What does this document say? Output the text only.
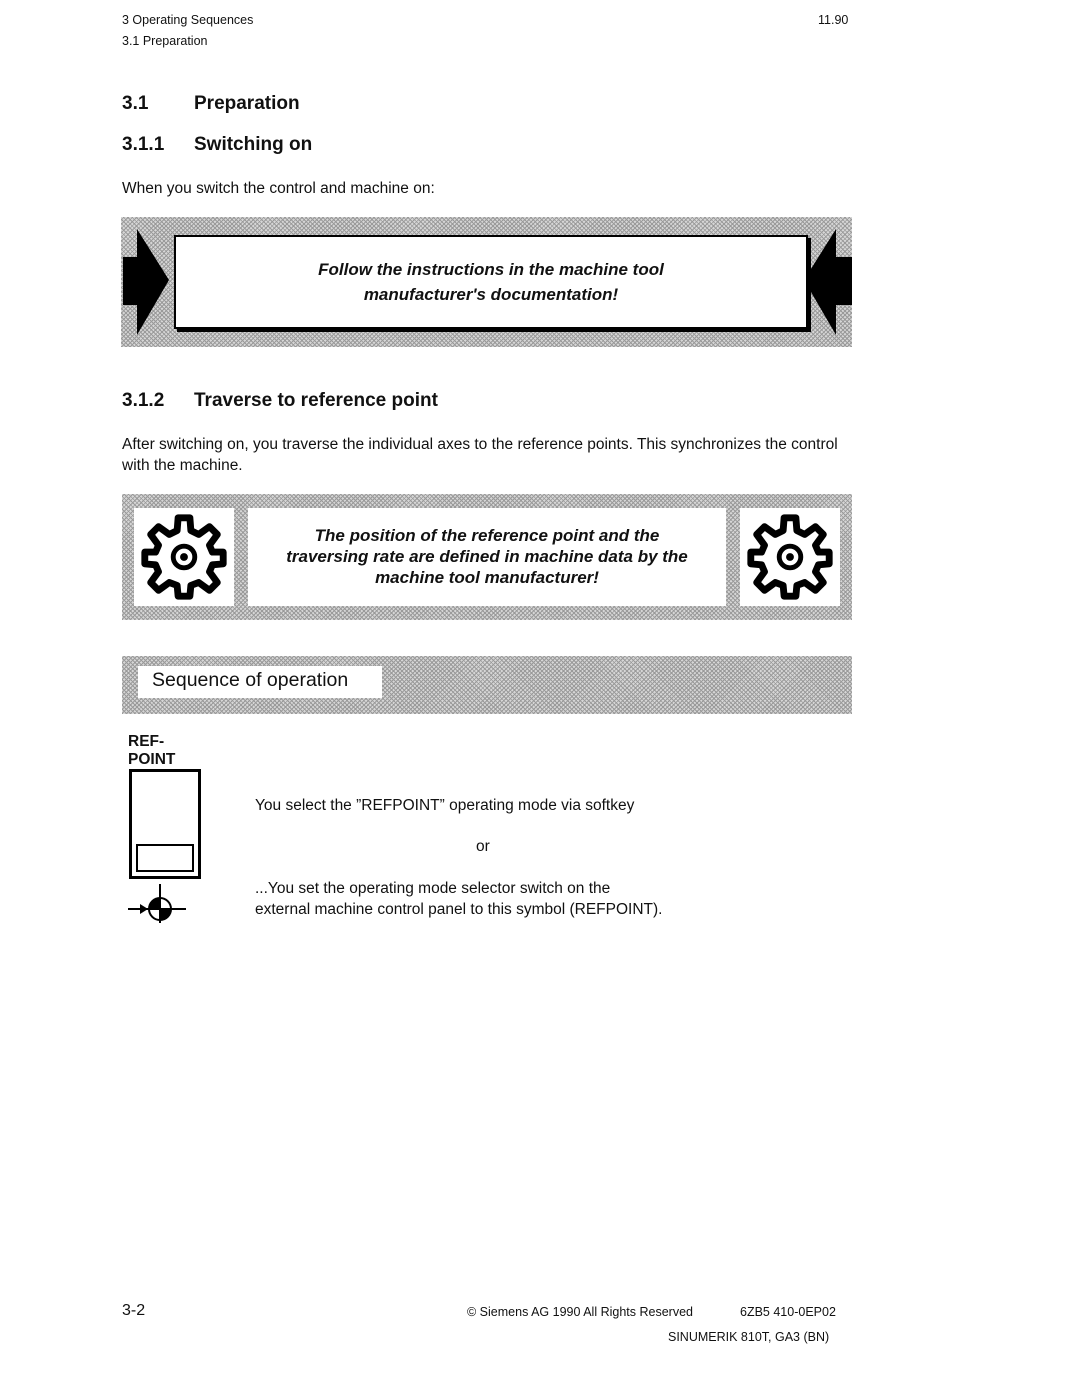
3 Operating Sequences
3.1 Preparation
11.90
3.1 Preparation
3.1.1 Switching on
When you switch the control and machine on:
Follow the instructions in the machine tool
manufacturer's documentation!
3.1.2 Traverse to reference point
After switching on, you traverse the individual axes to the reference points. This synchronizes the control with the machine.
The position of the reference point and the
traversing rate are defined in machine data by the
machine tool manufacturer!
Sequence of operation
REF-
POINT
You select the ”REFPOINT” operating mode via softkey
or
...You set the operating mode selector switch on the
external machine control panel to this symbol (REFPOINT).
3-2	© Siemens AG 1990 All Rights Reserved	6ZB5 410-0EP02
SINUMERIK 810T, GA3 (BN)
